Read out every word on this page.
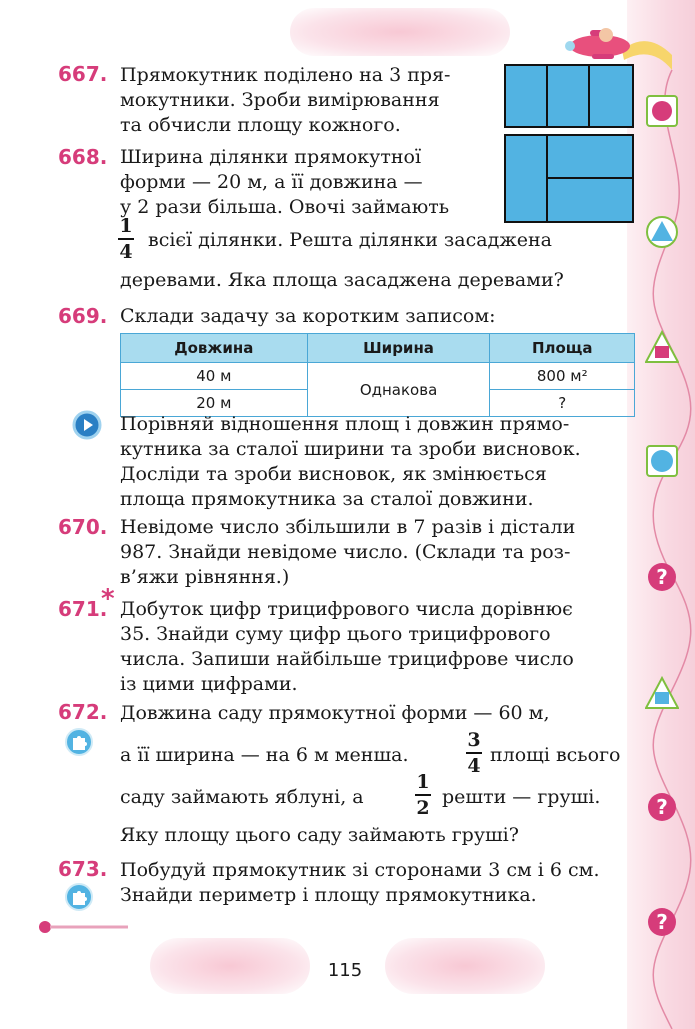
?
?
?
667. Прямокутник поділено на 3 пря-
мокутники. Зроби вимірювання
та обчисли площу кожного.
668. Ширина ділянки прямокутної
форми — 20 м, а її довжина —
у 2 рази більша. Овочі займають
1
4
всієї ділянки. Решта ділянки засаджена
деревами. Яка площа засаджена деревами?
669. Склади задачу за коротким записом:
Довжина	Ширина	Площа
40 м	Однакова	800 м²
20 м		?
Порівняй відношення площ і довжин прямо-
кутника за сталої ширини та зроби висновок.
Досліди та зроби висновок, як змінюється
площа прямокутника за сталої довжини.
670. Невідоме число збільшили в 7 разів і дістали
987. Знайди невідоме число. (Склади та роз-
в’яжи рівняння.)
671.
* Добуток цифр трицифрового числа дорівнює
35. Знайди суму цифр цього трицифрового
числа. Запиши найбільше трицифрове число
із цими цифрами.
672. Довжина саду прямокутної форми — 60 м,
а її ширина — на 6 м менша.
3
4 площі всього
саду займають яблуні, а
1
2 решти — груші.
Яку площу цього саду займають груші?
673. Побудуй прямокутник зі сторонами 3 см і 6 см.
Знайди периметр і площу прямокутника.
115
